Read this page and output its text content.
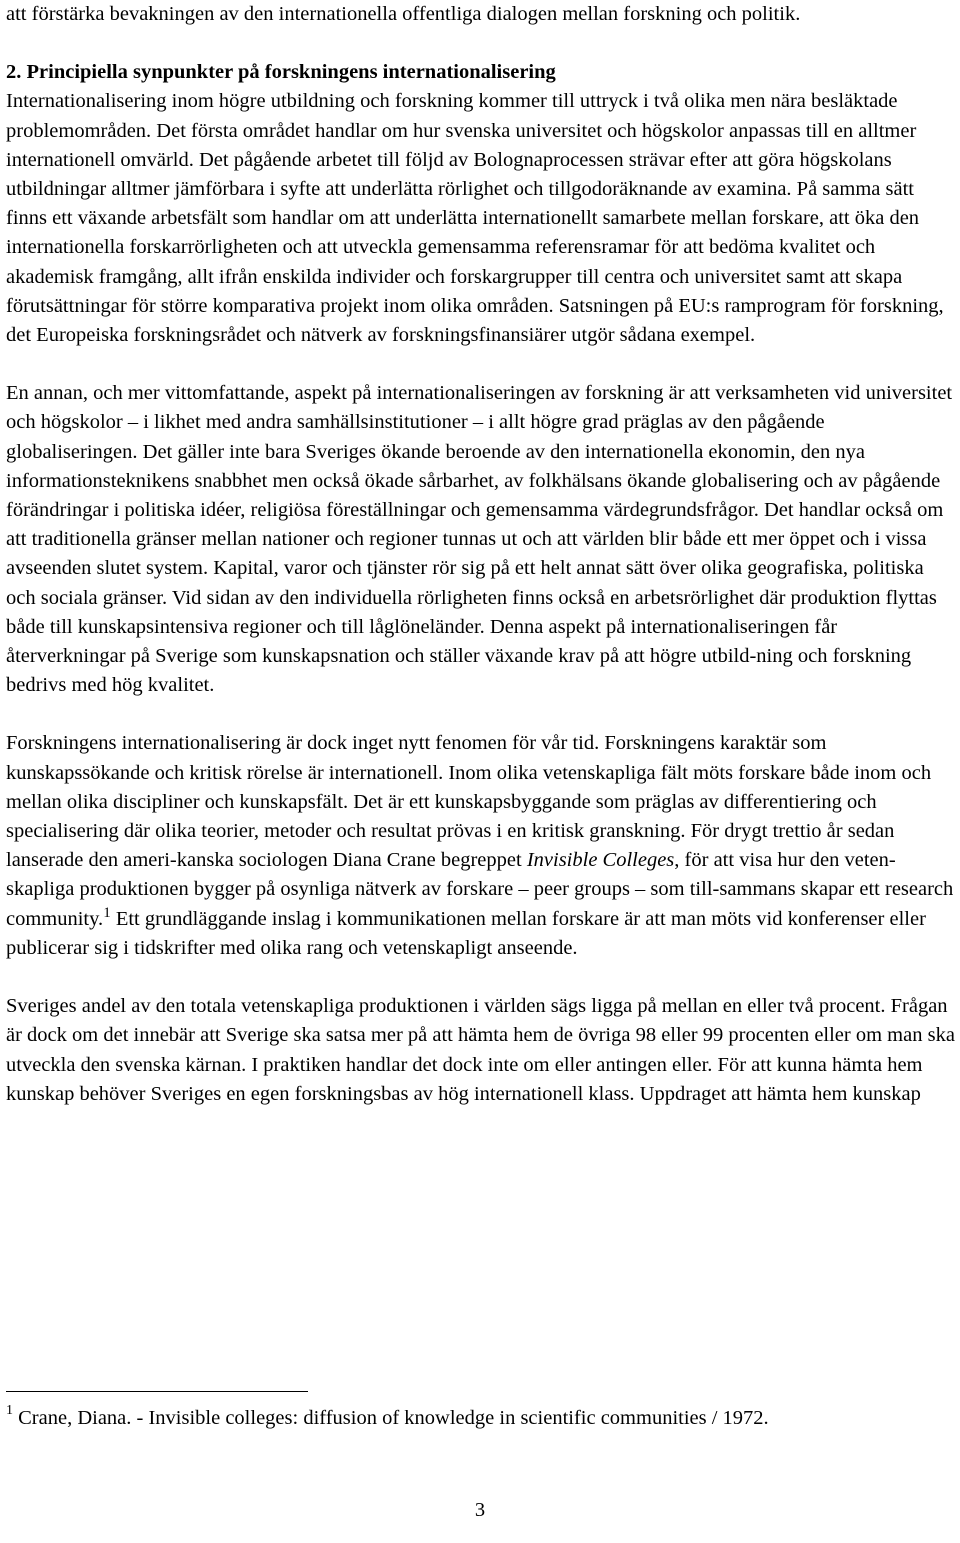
att förstärka bevakningen av den internationella offentliga dialogen mellan forskning och politik.

2. Principiella synpunkter på forskningens internationalisering

Internationalisering inom högre utbildning och forskning kommer till uttryck i två olika men nära besläktade problemområden. Det första området handlar om hur svenska universitet och högskolor anpassas till en alltmer internationell omvärld. Det pågående arbetet till följd av Bolognaprocessen strävar efter att göra högskolans utbildningar alltmer jämförbara i syfte att underlätta rörlighet och tillgodoräknande av examina. På samma sätt finns ett växande arbetsfält som handlar om att underlätta internationellt samarbete mellan forskare, att öka den internationella forskarrörligheten och att utveckla gemensamma referensramar för att bedöma kvalitet och akademisk framgång, allt ifrån enskilda individer och forskargrupper till centra och universitet samt att skapa förutsättningar för större komparativa projekt inom olika områden. Satsningen på EU:s ramprogram för forskning, det Europeiska forskningsrådet och nätverk av forskningsfinansiärer utgör sådana exempel.

En annan, och mer vittomfattande, aspekt på internationaliseringen av forskning är att verksamheten vid universitet och högskolor – i likhet med andra samhällsinstitutioner – i allt högre grad präglas av den pågående globaliseringen. Det gäller inte bara Sveriges ökande beroende av den internationella ekonomin, den nya informationsteknikens snabbhet men också ökade sårbarhet, av folkhälsans ökande globalisering och av pågående förändringar i politiska idéer, religiösa föreställningar och gemensamma värdegrundsfrågor. Det handlar också om att traditionella gränser mellan nationer och regioner tunnas ut och att världen blir både ett mer öppet och i vissa avseenden slutet system. Kapital, varor och tjänster rör sig på ett helt annat sätt över olika geografiska, politiska och sociala gränser. Vid sidan av den individuella rörligheten finns också en arbetsrörlighet där produktion flyttas både till kunskapsintensiva regioner och till låglöneländer. Denna aspekt på internationaliseringen får återverkningar på Sverige som kunskapsnation och ställer växande krav på att högre utbild-ning och forskning bedrivs med hög kvalitet.

Forskningens internationalisering är dock inget nytt fenomen för vår tid. Forskningens karaktär som kunskapssökande och kritisk rörelse är internationell. Inom olika vetenskapliga fält möts forskare både inom och mellan olika discipliner och kunskapsfält. Det är ett kunskapsbyggande som präglas av differentiering och specialisering där olika teorier, metoder och resultat prövas i en kritisk granskning. För drygt trettio år sedan lanserade den ameri-kanska sociologen Diana Crane begreppet Invisible Colleges, för att visa hur den veten-skapliga produktionen bygger på osynliga nätverk av forskare – peer groups – som till-sammans skapar ett research community.$^1$ Ett grundläggande inslag i kommunikationen mellan forskare är att man möts vid konferenser eller publicerar sig i tidskrifter med olika rang och vetenskapligt anseende.

Sveriges andel av den totala vetenskapliga produktionen i världen sägs ligga på mellan en eller två procent. Frågan är dock om det innebär att Sverige ska satsa mer på att hämta hem de övriga 98 eller 99 procenten eller om man ska utveckla den svenska kärnan. I praktiken handlar det dock inte om eller antingen eller. För att kunna hämta hem kunskap behöver Sveriges en egen forskningsbas av hög internationell klass. Uppdraget att hämta hem kunskap

$^1$ Crane, Diana. - Invisible colleges: diffusion of knowledge in scientific communities / 1972.

3
